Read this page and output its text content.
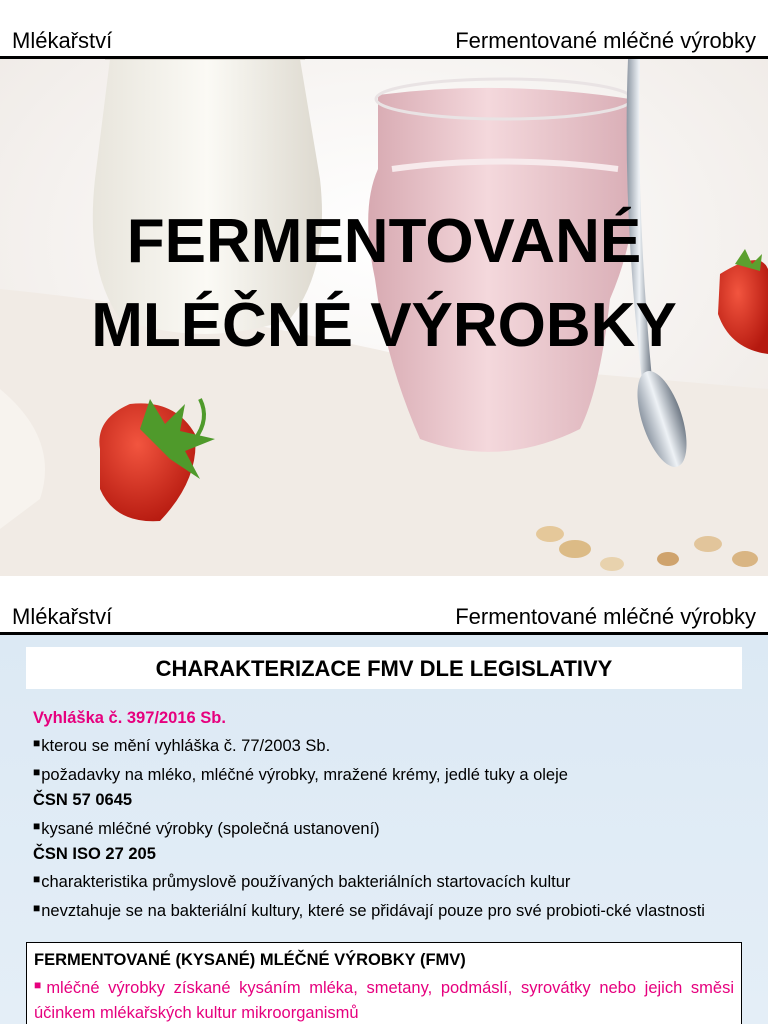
Mlékařství	Fermentované mléčné výrobky
FERMENTOVANÉ
MLÉČNÉ VÝROBKY
Mlékařství	Fermentované mléčné výrobky
CHARAKTERIZACE FMV DLE LEGISLATIVY

Vyhláška č. 397/2016 Sb.

■kterou se mění vyhláška č. 77/2003 Sb.

■požadavky na mléko, mléčné výrobky, mražené krémy, jedlé tuky a oleje

ČSN 57 0645

■kysané mléčné výrobky (společná ustanovení)

ČSN ISO 27 205

■charakteristika průmyslově používaných bakteriálních startovacích kultur

■nevztahuje se na bakteriální kultury, které se přidávají pouze pro své probioti-cké vlastnosti

FERMENTOVANÉ (KYSANÉ) MLÉČNÉ VÝROBKY (FMV)
■mléčné výrobky získané kysáním mléka, smetany, podmáslí, syrovátky nebo jejich směsi účinkem mlékařských kultur mikroorganismů
